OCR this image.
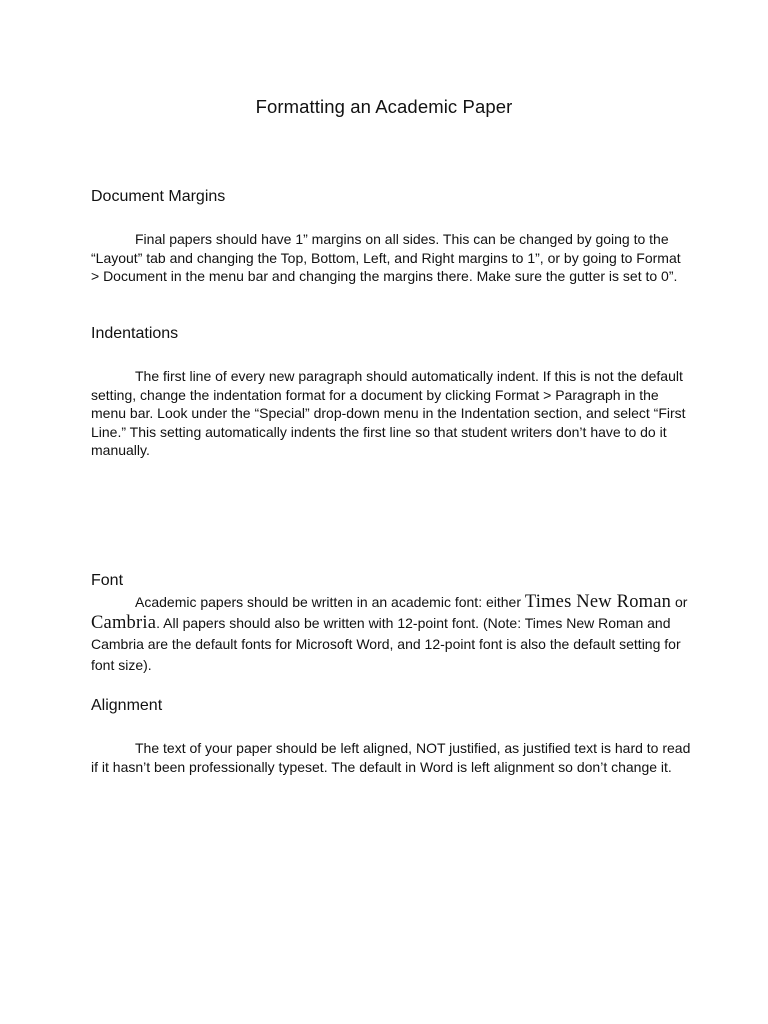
Formatting an Academic Paper
Document Margins

Final papers should have 1” margins on all sides. This can be changed by going to the “Layout” tab and changing the Top, Bottom, Left, and Right margins to 1”, or by going to Format > Document in the menu bar and changing the margins there. Make sure the gutter is set to 0”.

Indentations

The first line of every new paragraph should automatically indent. If this is not the default setting, change the indentation format for a document by clicking Format > Paragraph in the menu bar. Look under the “Special” drop-down menu in the Indentation section, and select “First Line.” This setting automatically indents the first line so that student writers don’t have to do it manually.

Font

Academic papers should be written in an academic font: either Times New Roman or Cambria. All papers should also be written with 12-point font. (Note: Times New Roman and Cambria are the default fonts for Microsoft Word, and 12-point font is also the default setting for font size).

Alignment

The text of your paper should be left aligned, NOT justified, as justified text is hard to read if it hasn’t been professionally typeset. The default in Word is left alignment so don’t change it.
